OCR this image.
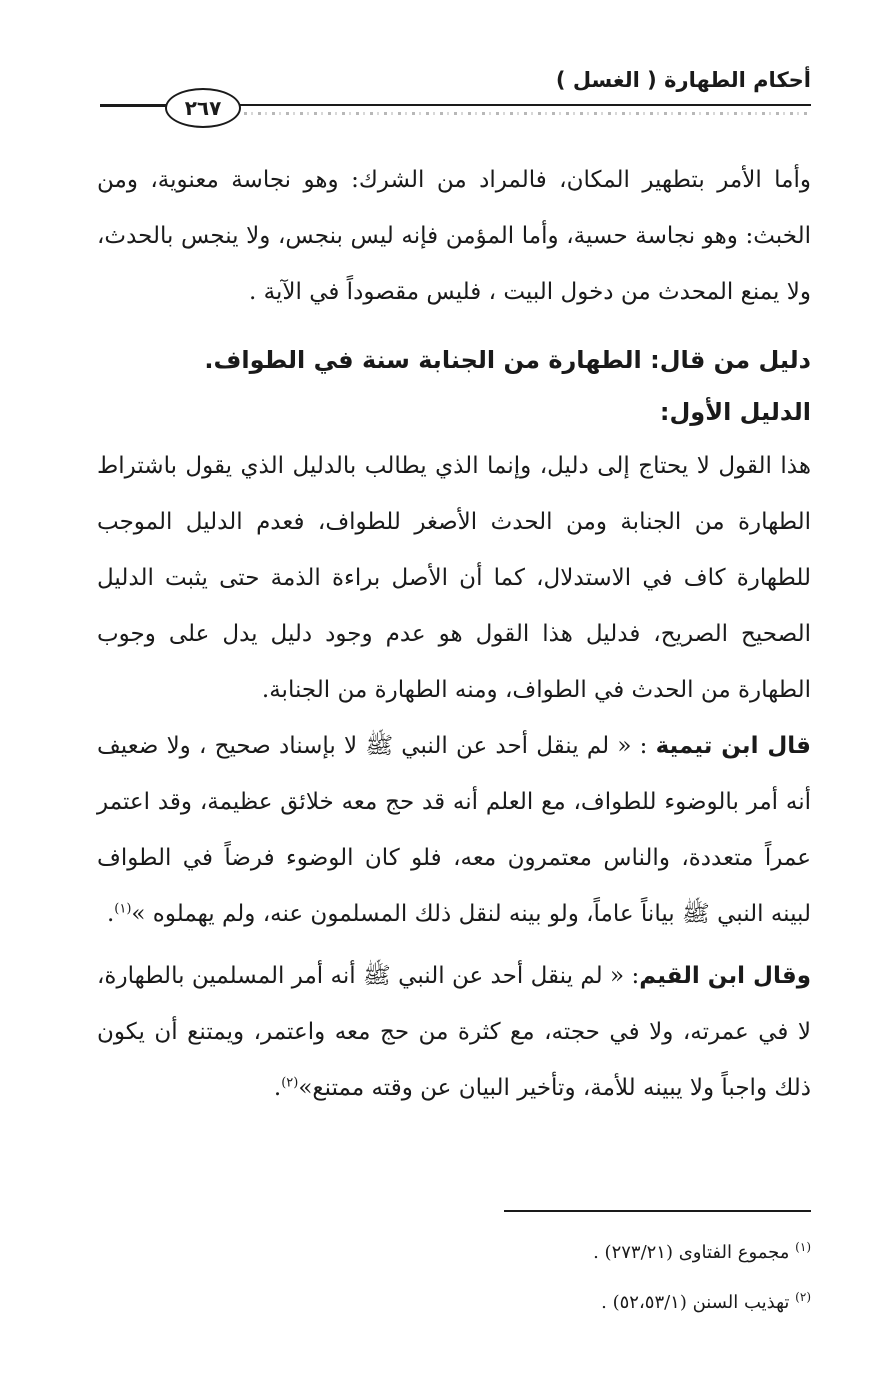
أحكام الطهارة ( الغسل )
٢٦٧

وأما الأمر بتطهير المكان، فالمراد من الشرك: وهو نجاسة معنوية، ومن الخبث: وهو نجاسة حسية، وأما المؤمن فإنه ليس بنجس، ولا ينجس بالحدث، ولا يمنع المحدث من دخول البيت ، فليس مقصوداً في الآية .

دليل من قال: الطهارة من الجنابة سنة في الطواف.

الدليل الأول:

هذا القول لا يحتاج إلى دليل، وإنما الذي يطالب بالدليل الذي يقول باشتراط الطهارة من الجنابة ومن الحدث الأصغر للطواف، فعدم الدليل الموجب للطهارة كاف في الاستدلال، كما أن الأصل براءة الذمة حتى يثبت الدليل الصحيح الصريح، فدليل هذا القول هو عدم وجود دليل يدل على وجوب الطهارة من الحدث في الطواف، ومنه الطهارة من الجنابة.

قال ابن تيمية : « لم ينقل أحد عن النبي ﷺ لا بإسناد صحيح ، ولا ضعيف أنه أمر بالوضوء للطواف، مع العلم أنه قد حج معه خلائق عظيمة، وقد اعتمر عمراً متعددة، والناس معتمرون معه، فلو كان الوضوء فرضاً في الطواف لبينه النبي ﷺ بياناً عاماً، ولو بينه لنقل ذلك المسلمون عنه، ولم يهملوه »$^{(١)}$.

وقال ابن القيم: « لم ينقل أحد عن النبي ﷺ أنه أمر المسلمين بالطهارة، لا في عمرته، ولا في حجته، مع كثرة من حج معه واعتمر، ويمتنع أن يكون ذلك واجباً ولا يبينه للأمة، وتأخير البيان عن وقته ممتنع»$^{(٢)}$.

$^{(١)}$ مجموع الفتاوى (٢٧٣/٢١) .

$^{(٢)}$ تهذيب السنن (٥٢،٥٣/١) .
